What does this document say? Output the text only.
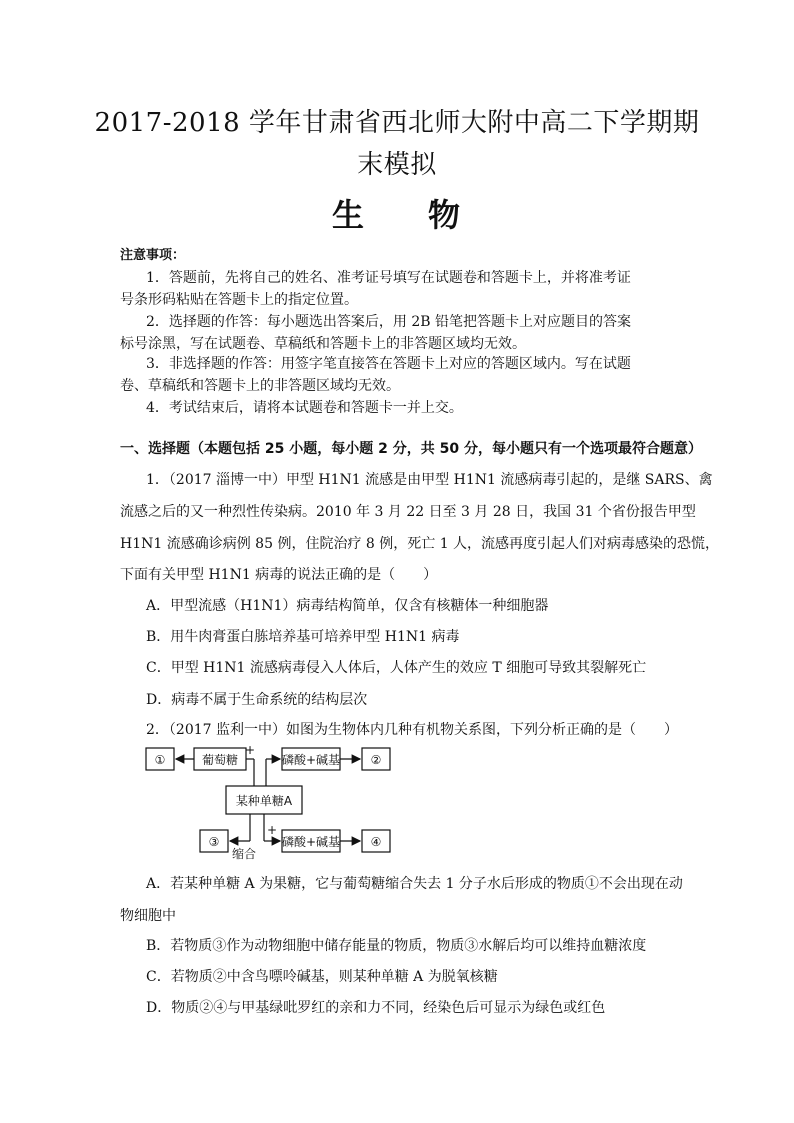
2017-2018 学年甘肃省西北师大附中高二下学期期
末模拟
生 物
注意事项：
1．答题前，先将自己的姓名、准考证号填写在试题卷和答题卡上，并将准考证
号条形码粘贴在答题卡上的指定位置。
2．选择题的作答：每小题选出答案后，用 2B 铅笔把答题卡上对应题目的答案
标号涂黑，写在试题卷、草稿纸和答题卡上的非答题区域均无效。
3．非选择题的作答：用签字笔直接答在答题卡上对应的答题区域内。写在试题
卷、草稿纸和答题卡上的非答题区域均无效。
4．考试结束后，请将本试题卷和答题卡一并上交。
一、选择题（本题包括 25 小题，每小题 2 分，共 50 分，每小题只有一个选项最符合题意）
1．（2017 淄博一中）甲型 H1N1 流感是由甲型 H1N1 流感病毒引起的，是继 SARS、禽
流感之后的又一种烈性传染病。2010 年 3 月 22 日至 3 月 28 日，我国 31 个省份报告甲型
H1N1 流感确诊病例 85 例，住院治疗 8 例，死亡 1 人，流感再度引起人们对病毒感染的恐慌，
下面有关甲型 H1N1 病毒的说法正确的是（　　）
A．甲型流感（H1N1）病毒结构简单，仅含有核糖体一种细胞器
B．用牛肉膏蛋白胨培养基可培养甲型 H1N1 病毒
C．甲型 H1N1 流感病毒侵入人体后，人体产生的效应 T 细胞可导致其裂解死亡
D．病毒不属于生命系统的结构层次
2．（2017 监利一中）如图为生物体内几种有机物关系图，下列分析正确的是（　　）
①	葡萄糖	磷酸+碱基	②
某种单糖A
③	磷酸+碱基	④
缩合
+
+
A．若某种单糖 A 为果糖，它与葡萄糖缩合失去 1 分子水后形成的物质①不会出现在动
物细胞中
B．若物质③作为动物细胞中储存能量的物质，物质③水解后均可以维持血糖浓度
C．若物质②中含鸟嘌呤碱基，则某种单糖 A 为脱氧核糖
D．物质②④与甲基绿吡罗红的亲和力不同，经染色后可显示为绿色或红色
